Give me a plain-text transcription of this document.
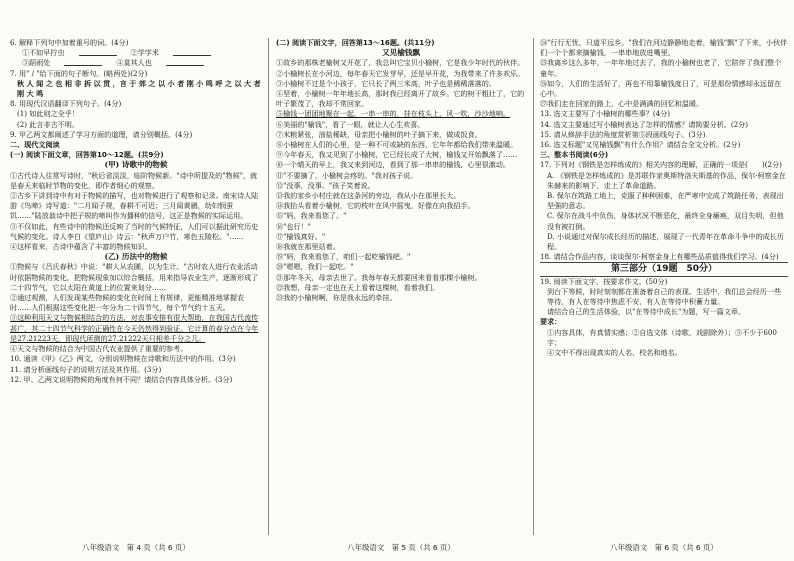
6. 解释下列句中加着重号的词。(4分)

①不如早拧虫	②学学米
③蹈雨处	④莫其人也

7. 用" / "给下面的句子断句。(略两处)(2分)

秋 人 闻 之 也 相 非 拆 以 贯 ，言 于 郊 之 以 小 者 刚 小 鸣 呼 之 以 大 者 刚 大 鸣

8. 用现代汉语翻译下列句子。(4分)

(1) 如此则之全乎！

(2) 此言非古不明。

9. 甲乙两文都阐述了学习方面的道理，请分别概括。(4分)

二、现代文阅读

(一) 阅读下面文章，回答第10～12题。(共9分)

(甲) 诗歌中的物候

①古代诗人往常写诗时，"秋后省淡淡，临阶物候新。"诗中所提及的"物候"，就是春天来临时节物的变化，即作者细心的观察。

②古乡下讲到诗中有对于物候的描写，也对物候进行了观察和记录。南宋诗人陆游《鸟啼》诗写道："二月闻子规，春耕不可迟；三月闻黄鹂，幼妇悯蚕饥……"陆放翁诗中把子规的啼叫作为播种的信号，这正是物候的实际运用。

③不仅如此，有些诗中的物候还反映了当时的气候特征，人们可以据此研究历史气候的变化。诗人李白《望庐山》诗云："秋声万户竹，寒色五陵松。"……

④这样看来，古诗中蕴含了丰富的物候知识。

(乙) 历法中的物候

①物候与《吕氏春秋》中说："耕人从农圃，以为生计。"古时农人进行农业活动时依据物候的变化，把物候现象加以综合概括，用来指导农业生产，逐渐形成了二十四节气，它以太阳在黄道上的位置来划分……

②通过观测，人们发现某些物候的变化在时间上有规律，更能精准地掌握农时……人们根据这些变化把一年分为二十四节气，每个节气约十五天。

③这种利用天文与物候相结合的方法，对农事安排有很大帮助，在我国古代流传甚广，其二十四节气科学的正确性在今天仍然得到验证。它计算的春分点在今年是27.21223天，即现代所测的27.21222天只相差千分之几。

④天文与物候的结合为中国古代农业提供了重要的参考。

10. 通读《甲》《乙》两文，分别说明物候在诗歌和历法中的作用。(3分)

11. 请分析画线句子的说明方法及其作用。(3分)

12. 甲、乙两文说明物候的角度有何不同？请结合内容具体分析。(3分)

(二) 阅读下面文字，回答第13～16题。(共11分)

又见榆钱飘

①故乡的那株老榆树又开花了，我总叫它宝贝小榆树，它是我少年时代的伙伴。

②小榆树长在小河边，每年春天它发芽早，还是早开花，为我带来了许多欢乐。

③小榆树不过是个小孩子，它只长了两三米高，叶子也是稀稀落落的。

④坚着，小榆树一年年地长高，那时我已经离开了故乡。它的树干粗壮了，它的叶子繁茂了，我却不常回家。

⑤榆钱一团团地聚在一起，一串一串的，挂在枝头上，风一吹，沙沙地响。

⑥美丽的"榆钱"，看了一眼，就让人心生欢喜。

⑦米粮紧张，油盐稀缺，母亲把小榆树的叶子摘下来，做成饭食。

⑧小榆树在人们的心里，是一种不可或缺的东西，它年年都给我们带来温暖。

⑨今年春天，我又见到了小榆树，它已经长成了大树，榆钱又开始飘落了……

⑩一个晴天的早上，我又来到河边，看到了那一串串的榆钱，心里很激动。

⑪"不要摘了，小榆树会疼的。"我对孩子说。

⑫"没事，没事。"孩子笑着说。

⑬我的家乡小村庄就在这条河的旁边，我从小在那里长大。

⑭我抬头看着小榆树，它的枝叶在风中摇曳，好像在向我招手。

⑮"妈，我来看您了。"

⑯"也行！"

⑰"榆钱真好。"

⑱我就在那里站着。

⑲"妈，我来看您了，咱们一起吃榆钱吧。"

⑳"嗯嗯，我们一起吃。"

㉑那年冬天，母亲去世了。我每年春天都要回来看看那棵小榆树。

㉒我想，母亲一定也在天上看着这棵树，看着我们。

㉓我的小榆树啊，你是我永远的牵挂。

㉔"行行无忧，只道平远乡。"我们在河边静静地走着，榆钱"飘"了下来，小伙伴们一个个都来摘榆钱，一串串地放进嘴里。

㉕我离乡这么多年，一年年地过去了，我的小榆树也老了，它陪伴了我们整个童年。

㉖如今，人们的生活好了，再也不用靠榆钱度日了，可是那份情感却永远留在心中。

㉗我们走在回家的路上，心中是满满的回忆和温暖。

13. 选文主要写了小榆树的哪些事？(4分)

14. 选文主要通过写小榆树表达了怎样的情感？请简要分析。(2分)

15. 请从修辞手法的角度赏析第⑤段画线句子。(3分)

16. 选文标题"又见榆钱飘"有什么作用？请结合全文分析。(2分)

三、整本书阅读(6分)

17. 下列对《钢铁是怎样炼成的》相关内容的理解，正确的一项是(　　)(2分)

A. 《钢铁是怎样炼成的》是苏联作家奥斯特洛夫斯基的作品，保尔·柯察金在朱赫来的影响下，走上了革命道路。

B. 保尔在筑路工地上，克服了种种困难，在严寒中完成了筑路任务，表现出坚强的意志。

C. 保尔在战斗中负伤，身体状况不断恶化，最终全身瘫痪，双目失明，但他没有被打倒。

D. 小说通过对保尔成长经历的描述，展现了一代青年在革命斗争中的成长历程。

18. 请结合作品内容，谈谈保尔·柯察金身上有哪些品质值得我们学习。(4分)

第三部分（19题　50分）

19. 阅读下面文字，按要求作文。(50分)

到台下等候，时时刻刻都在准备着自己的表现。生活中，我们总会经历一些等待，有人在等待中焦虑不安，有人在等待中积蓄力量。

请结合自己的生活体验，以"在等待中成长"为题，写一篇文章。

要求：

①内容具体，有真情实感；②自选文体（诗歌、戏剧除外）；③不少于600字；

④文中不得出现真实的人名、校名和地名。

八年级语文　第 4 页（共 6 页）	八年级语文　第 5 页（共 6 页）	八年级语文　第 6 页（共 6 页）
